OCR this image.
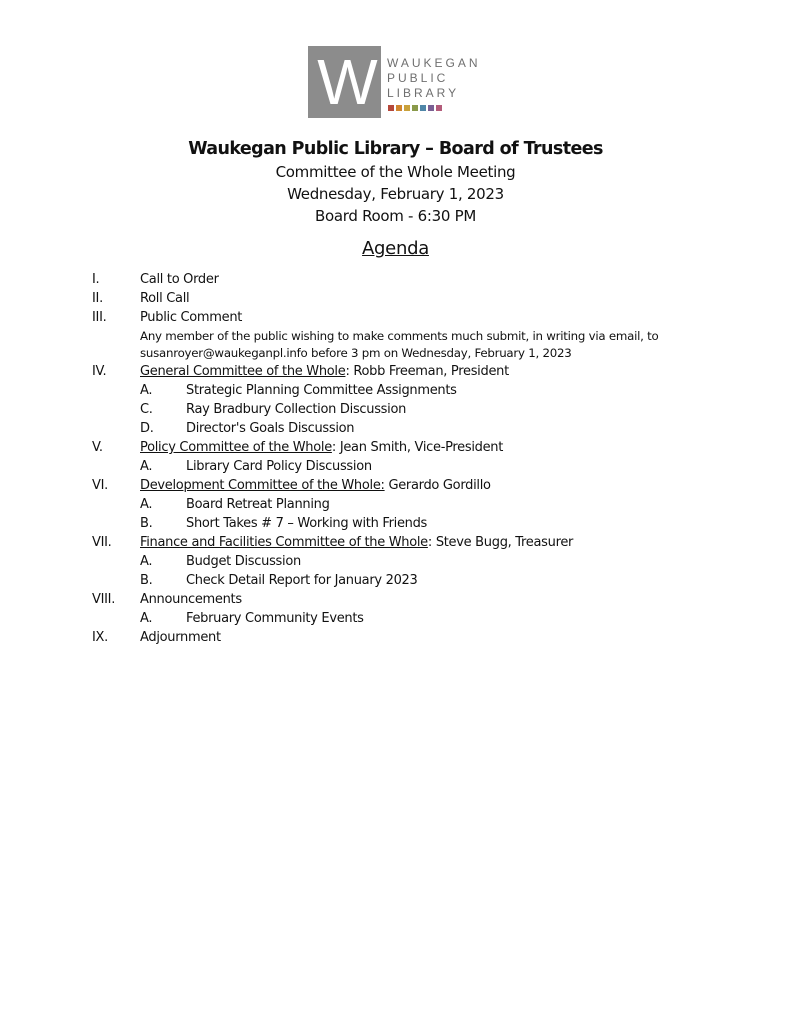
W	WAUKEGAN
PUBLIC
LIBRARY
Waukegan Public Library – Board of Trustees
Committee of the Whole Meeting
Wednesday, February 1, 2023
Board Room - 6:30 PM
Agenda
I.	Call to Order
II.	Roll Call
III.	Public Comment
Any member of the public wishing to make comments much submit, in writing via email, to
susanroyer@waukeganpl.info before 3 pm on Wednesday, February 1, 2023
IV.	General Committee of the Whole: Robb Freeman, President
A.	Strategic Planning Committee Assignments
C.	Ray Bradbury Collection Discussion
D. Director's Goals Discussion
V.	Policy Committee of the Whole: Jean Smith, Vice-President
A.	Library Card Policy Discussion
VI. Development Committee of the Whole: Gerardo Gordillo
A.	Board Retreat Planning
B.	Short Takes # 7 – Working with Friends
VII. Finance and Facilities Committee of the Whole: Steve Bugg, Treasurer
A.	Budget Discussion
B.	Check Detail Report for January 2023
VIII. Announcements
A.	February Community Events
IX. Adjournment
